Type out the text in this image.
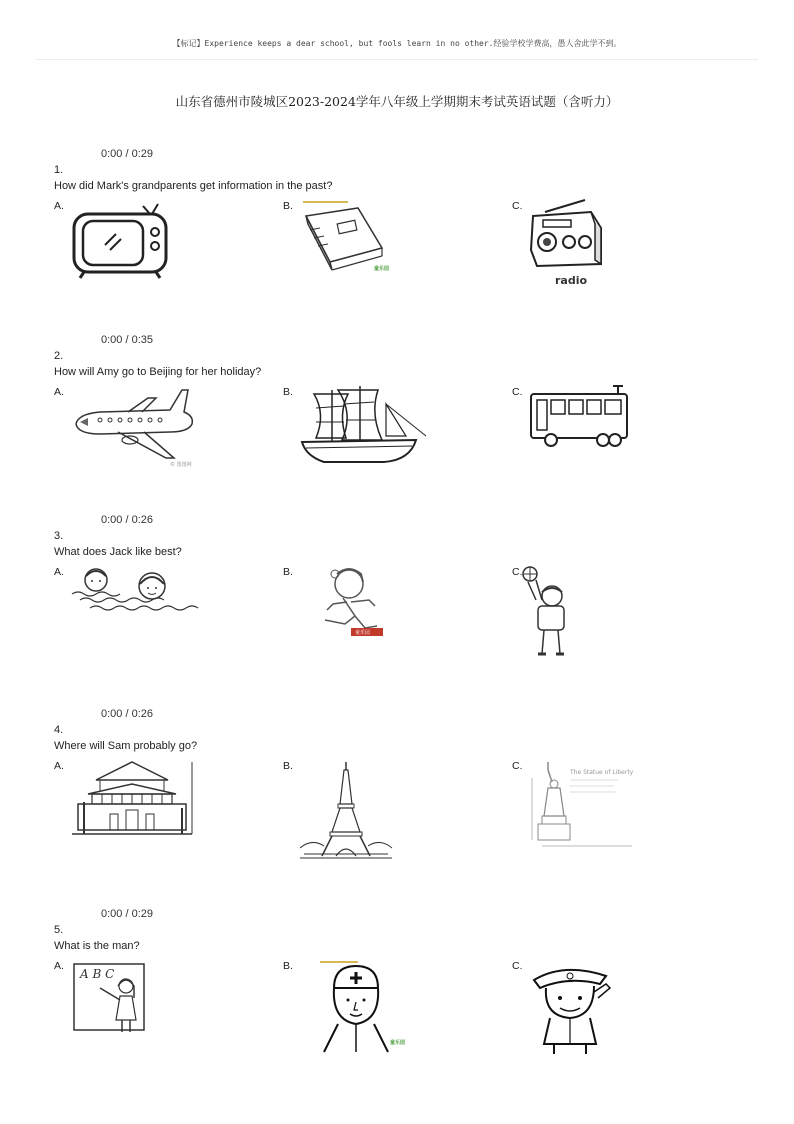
【标记】Experience keeps a dear school, but fools learn in no other.经验学校学费高，愚人舍此学不到。
山东省德州市陵城区2023-2024学年八年级上学期期末考试英语试题（含听力）
0:00 / 0:29
1.
How did Mark's grandparents get information in the past?
A.	B.	C.
童乐园
radio
0:00 / 0:35
2.
How will Amy go to Beijing for her holiday?
A.	B.	C.
© 图图网
0:00 / 0:26
3.
What does Jack like best?
A.	B.	C.
童乐园
0:00 / 0:26
4.
Where will Sam probably go?
A.	B.	C.
The Statue of Liberty
0:00 / 0:29
5.
What is the man?
A.	B.	C.
A B C
童乐园
